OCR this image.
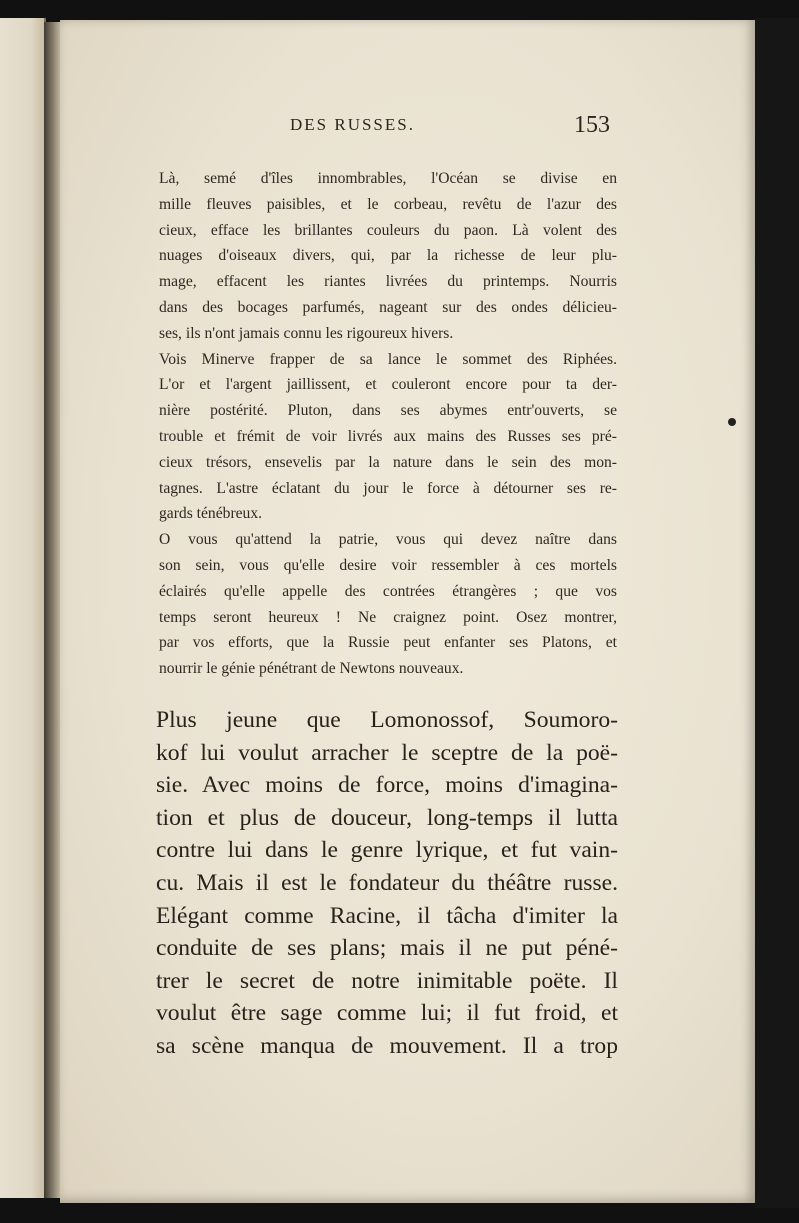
DES RUSSES.	153

Là, semé d'îles innombrables, l'Océan se divise en
mille fleuves paisibles, et le corbeau, revêtu de l'azur des
cieux, efface les brillantes couleurs du paon. Là volent des
nuages d'oiseaux divers, qui, par la richesse de leur plu-
mage, effacent les riantes livrées du printemps. Nourris
dans des bocages parfumés, nageant sur des ondes délicieu-
ses, ils n'ont jamais connu les rigoureux hivers.

Vois Minerve frapper de sa lance le sommet des Riphées.
L'or et l'argent jaillissent, et couleront encore pour ta der-
nière postérité. Pluton, dans ses abymes entr'ouverts, se
trouble et frémit de voir livrés aux mains des Russes ses pré-
cieux trésors, ensevelis par la nature dans le sein des mon-
tagnes. L'astre éclatant du jour le force à détourner ses re-
gards ténébreux.

O vous qu'attend la patrie, vous qui devez naître dans
son sein, vous qu'elle desire voir ressembler à ces mortels
éclairés qu'elle appelle des contrées étrangères ; que vos
temps seront heureux ! Ne craignez point. Osez montrer,
par vos efforts, que la Russie peut enfanter ses Platons, et
nourrir le génie pénétrant de Newtons nouveaux.

Plus jeune que Lomonossof, Soumoro-
kof lui voulut arracher le sceptre de la poë-
sie. Avec moins de force, moins d'imagina-
tion et plus de douceur, long-temps il lutta
contre lui dans le genre lyrique, et fut vain-
cu. Mais il est le fondateur du théâtre russe.
Elégant comme Racine, il tâcha d'imiter la
conduite de ses plans; mais il ne put péné-
trer le secret de notre inimitable poëte. Il
voulut être sage comme lui; il fut froid, et
sa scène manqua de mouvement. Il a trop
